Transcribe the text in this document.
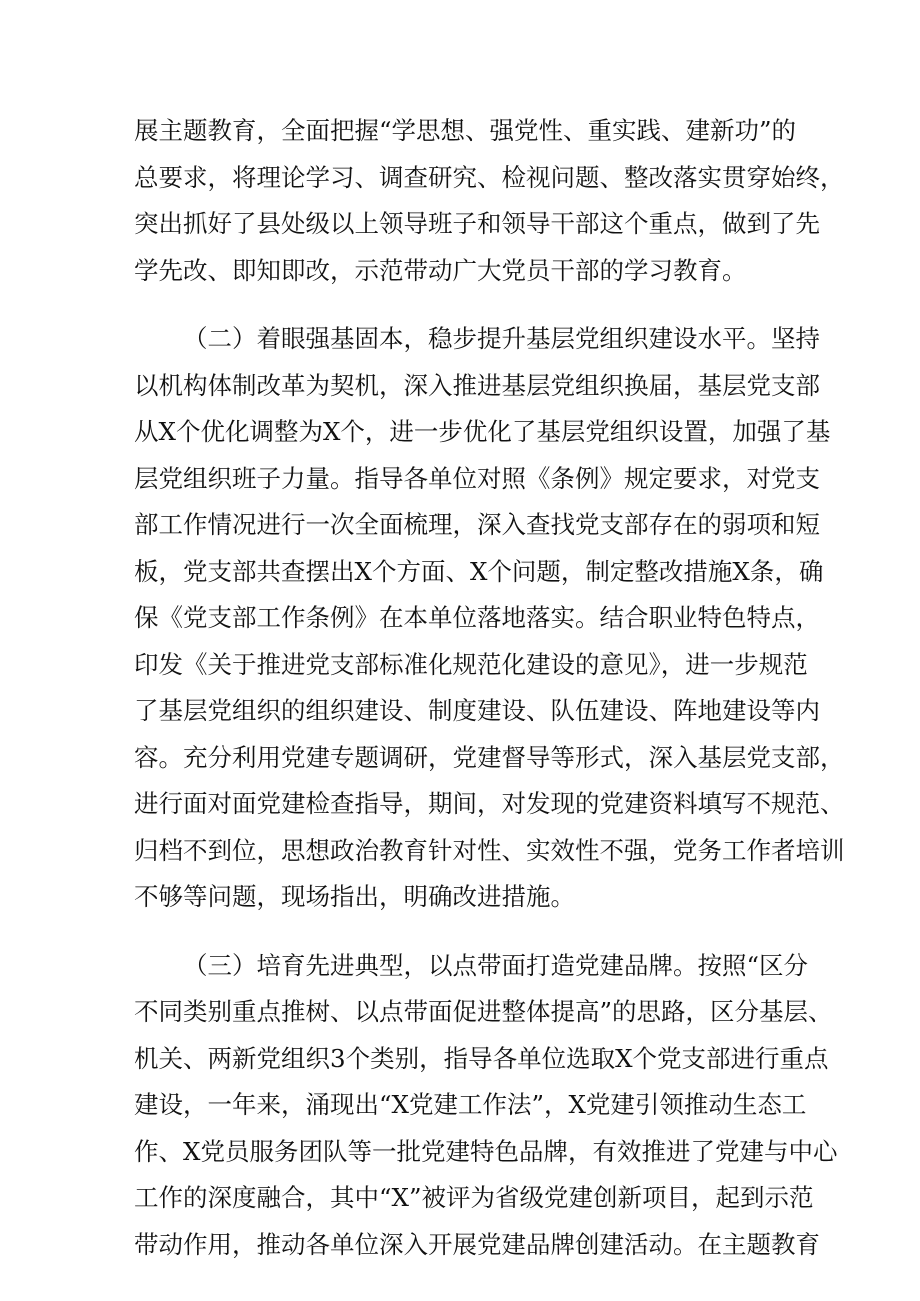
展主题教育，全面把握“学思想、强党性、重实践、建新功”的
总要求，将理论学习、调查研究、检视问题、整改落实贯穿始终，
突出抓好了县处级以上领导班子和领导干部这个重点，做到了先
学先改、即知即改，示范带动广大党员干部的学习教育。
（二）着眼强基固本，稳步提升基层党组织建设水平。坚持
以机构体制改革为契机，深入推进基层党组织换届，基层党支部
从X个优化调整为X个，进一步优化了基层党组织设置，加强了基
层党组织班子力量。指导各单位对照《条例》规定要求，对党支
部工作情况进行一次全面梳理，深入查找党支部存在的弱项和短
板，党支部共查摆出X个方面、X个问题，制定整改措施X条，确
保《党支部工作条例》在本单位落地落实。结合职业特色特点，
印发《关于推进党支部标准化规范化建设的意见》，进一步规范
了基层党组织的组织建设、制度建设、队伍建设、阵地建设等内
容。充分利用党建专题调研，党建督导等形式，深入基层党支部，
进行面对面党建检查指导，期间，对发现的党建资料填写不规范、
归档不到位，思想政治教育针对性、实效性不强，党务工作者培训
不够等问题，现场指出，明确改进措施。
（三）培育先进典型，以点带面打造党建品牌。按照“区分
不同类别重点推树、以点带面促进整体提高”的思路，区分基层、
机关、两新党组织3个类别，指导各单位选取X个党支部进行重点
建设，一年来，涌现出“X党建工作法”，X党建引领推动生态工
作、X党员服务团队等一批党建特色品牌，有效推进了党建与中心
工作的深度融合，其中“X”被评为省级党建创新项目，起到示范
带动作用，推动各单位深入开展党建品牌创建活动。在主题教育
